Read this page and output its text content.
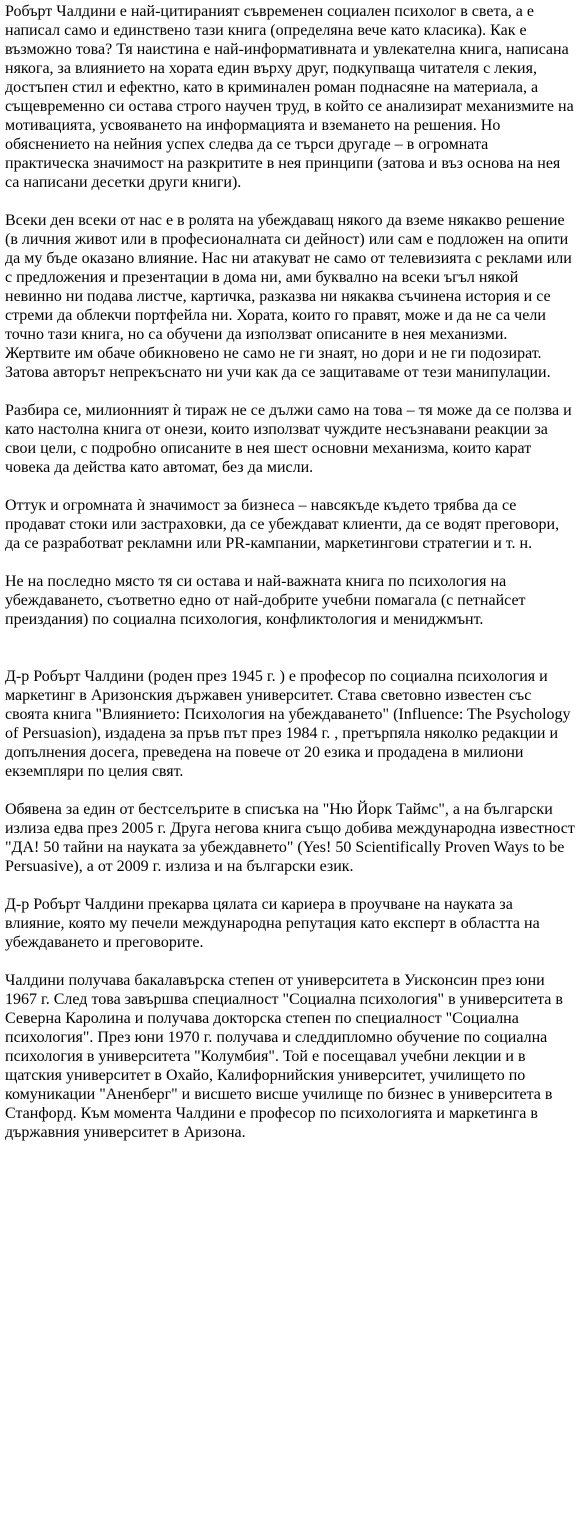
Робърт Чалдини е най-цитираният съвременен социален психолог в света, а е написал само и единствено тази книга (определяна вече като класика). Как е възможно това? Тя наистина е най-информативната и увлекателна книга, написана някога, за влиянието на хората един върху друг, подкупваща читателя с лекия, достъпен стил и ефектно, като в криминален роман поднасяне на материала, а същевременно си остава строго научен труд, в който се анализират механизмите на мотивацията, усвояването на информацията и вземането на решения. Но обяснението на нейния успех следва да се търси другаде – в огромната практическа значимост на разкритите в нея принципи (затова и въз основа на нея са написани десетки други книги).

Всеки ден всеки от нас е в ролята на убеждаващ някого да вземе някакво решение (в личния живот или в професионалната си дейност) или сам е подложен на опити да му бъде оказано влияние. Нас ни атакуват не само от телевизията с реклами или с предложения и презентации в дома ни, ами буквално на всеки ъгъл някой невинно ни подава листче, картичка, разказва ни някаква съчинена история и се стреми да облекчи портфейла ни. Хората, които го правят, може и да не са чели точно тази книга, но са обучени да използват описаните в нея механизми. Жертвите им обаче обикновено не само не ги знаят, но дори и не ги подозират. Затова авторът непрекъснато ни учи как да се защитаваме от тези манипулации.

Разбира се, милионният ѝ тираж не се дължи само на това – тя може да се ползва и като настолна книга от онези, които използват чуждите несъзнавани реакции за свои цели, с подробно описаните в нея шест основни механизма, които карат човека да действа като автомат, без да мисли.

Оттук и огромната ѝ значимост за бизнеса – навсякъде където трябва да се продават стоки или застраховки, да се убеждават клиенти, да се водят преговори, да се разработват рекламни или PR-кампании, маркетингови стратегии и т. н.

Не на последно място тя си остава и най-важната книга по психология на убеждаването, съответно едно от най-добрите учебни помагала (с петнайсет преиздания) по социална психология, конфликтология и мениджмънт.

Д-р Робърт Чалдини (роден през 1945 г. ) е професор по социална психология и маркетинг в Аризонския държавен университет. Става световно известен със своята книга "Влиянието: Психология на убеждаването" (Influence: The Psychology of Persuasion), издадена за пръв път през 1984 г. , претърпяла няколко редакции и допълнения досега, преведена на повече от 20 езика и продадена в милиони екземпляри по целия свят.

Обявена за един от бестселърите в списъка на "Ню Йорк Таймс", а на български излиза едва през 2005 г. Друга негова книга също добива международна известност "ДА! 50 тайни на науката за убеждавнето" (Yes! 50 Scientifically Proven Ways to be Persuasive), а от 2009 г. излиза и на български език.

Д-р Робърт Чалдини прекарва цялата си кариера в проучване на науката за влияние, която му печели международна репутация като експерт в областта на убеждаването и преговорите.

Чалдини получава бакалавърска степен от университета в Уисконсин през юни 1967 г. След това завършва специалност "Социална психология" в университета в Северна Каролина и получава докторска степен по специалност "Социална психология". През юни 1970 г. получава и следдипломно обучение по социална психология в университета "Колумбия". Той е посещавал учебни лекции и в щатския университет в Охайо, Калифорнийския университет, училището по комуникации "Аненберг" и висшето висше училище по бизнес в университета в Станфорд. Към момента Чалдини е професор по психологията и маркетинга в държавния университет в Аризона.
